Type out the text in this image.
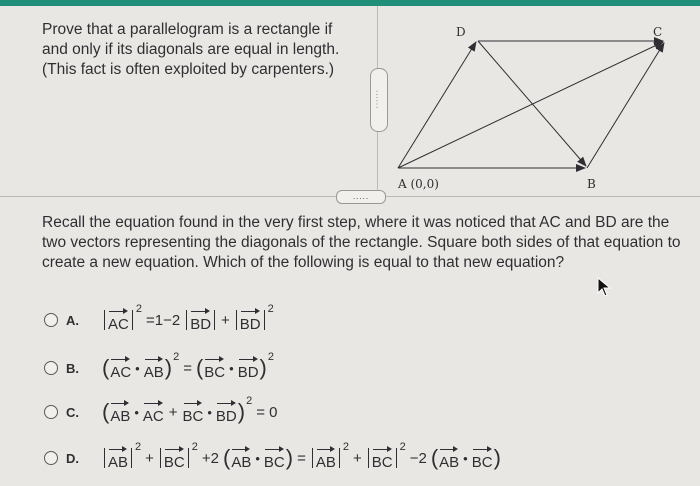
Prove that a parallelogram is a rectangle if
and only if its diagonals are equal in length.
(This fact is often exploited by carpenters.)
......
D	C
A (0,0)	B
.....
Recall the equation found in the very first step, where it was noticed that AC and BD are the two vectors representing the diagonals of the rectangle. Square both sides of that equation to create a new equation. Which of the following is equal to that new equation?
A.	AC
2
=1−2 BD + BD
2
B.	( AC • AB ) 2
= ( BC • BD ) 2
C.	( AB • AC + BC • BD ) 2
= 0
D.	AB
2
+ BC
2
+2 ( AB • BC ) = AB
2
+ BC
2
−2 ( AB • BC )
